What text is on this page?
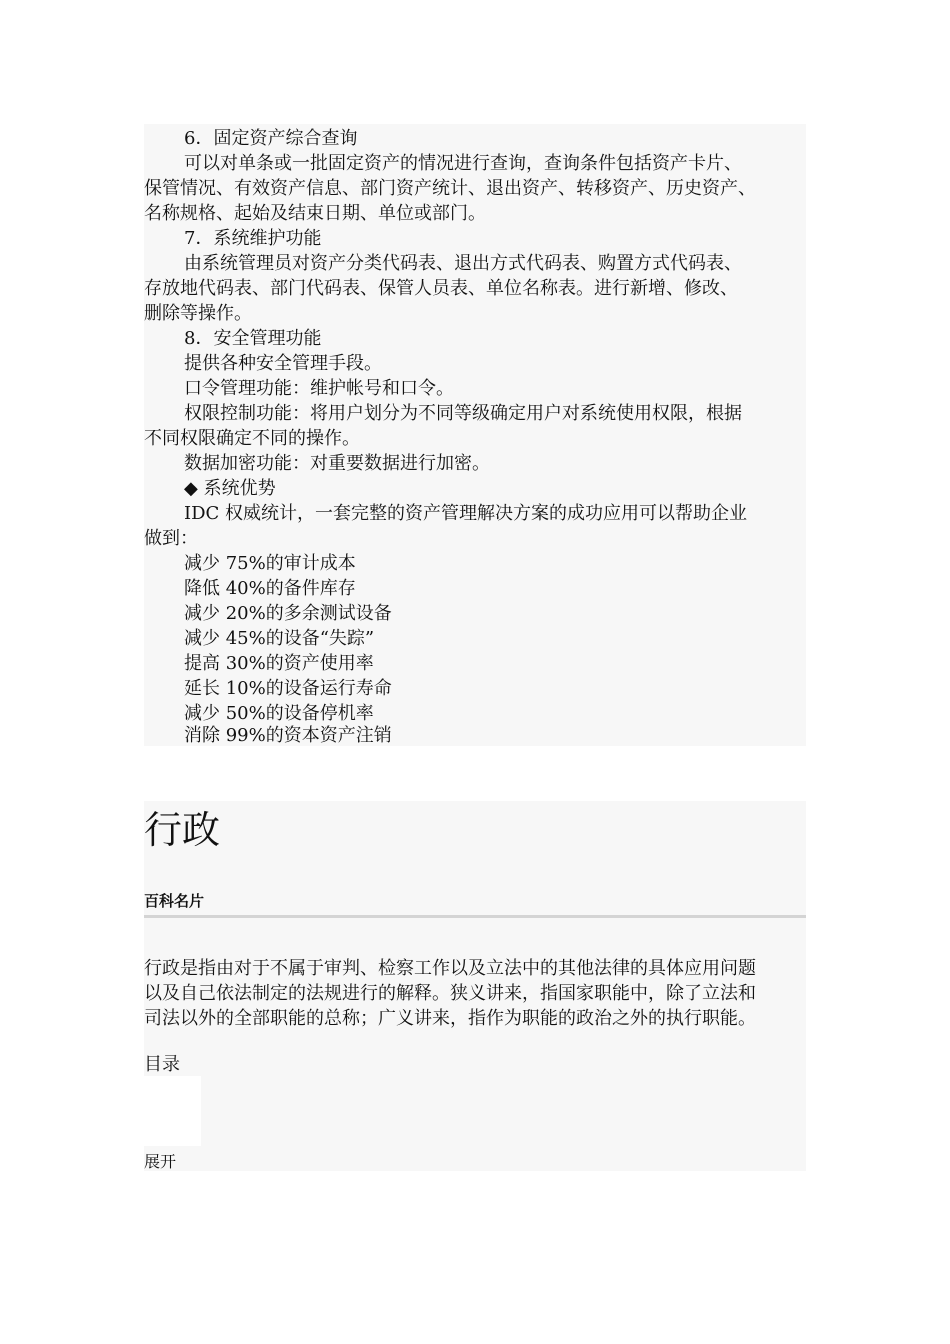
6．固定资产综合查询
可以对单条或一批固定资产的情况进行查询，查询条件包括资产卡片、
保管情况、有效资产信息、部门资产统计、退出资产、转移资产、历史资产、
名称规格、起始及结束日期、单位或部门。
7．系统维护功能
由系统管理员对资产分类代码表、退出方式代码表、购置方式代码表、
存放地代码表、部门代码表、保管人员表、单位名称表。进行新增、修改、
删除等操作。
8．安全管理功能
提供各种安全管理手段。
口令管理功能：维护帐号和口令。
权限控制功能：将用户划分为不同等级确定用户对系统使用权限，根据
不同权限确定不同的操作。
数据加密功能：对重要数据进行加密。
◆ 系统优势
IDC 权威统计，一套完整的资产管理解决方案的成功应用可以帮助企业
做到：
减少 75%的审计成本
降低 40%的备件库存
减少 20%的多余测试设备
减少 45%的设备“失踪”
提高 30%的资产使用率
延长 10%的设备运行寿命
减少 50%的设备停机率
消除 99%的资本资产注销
行政
百科名片
行政是指由对于不属于审判、检察工作以及立法中的其他法律的具体应用问题
以及自己依法制定的法规进行的解释。狭义讲来，指国家职能中，除了立法和
司法以外的全部职能的总称；广义讲来，指作为职能的政治之外的执行职能。
目录
展开
